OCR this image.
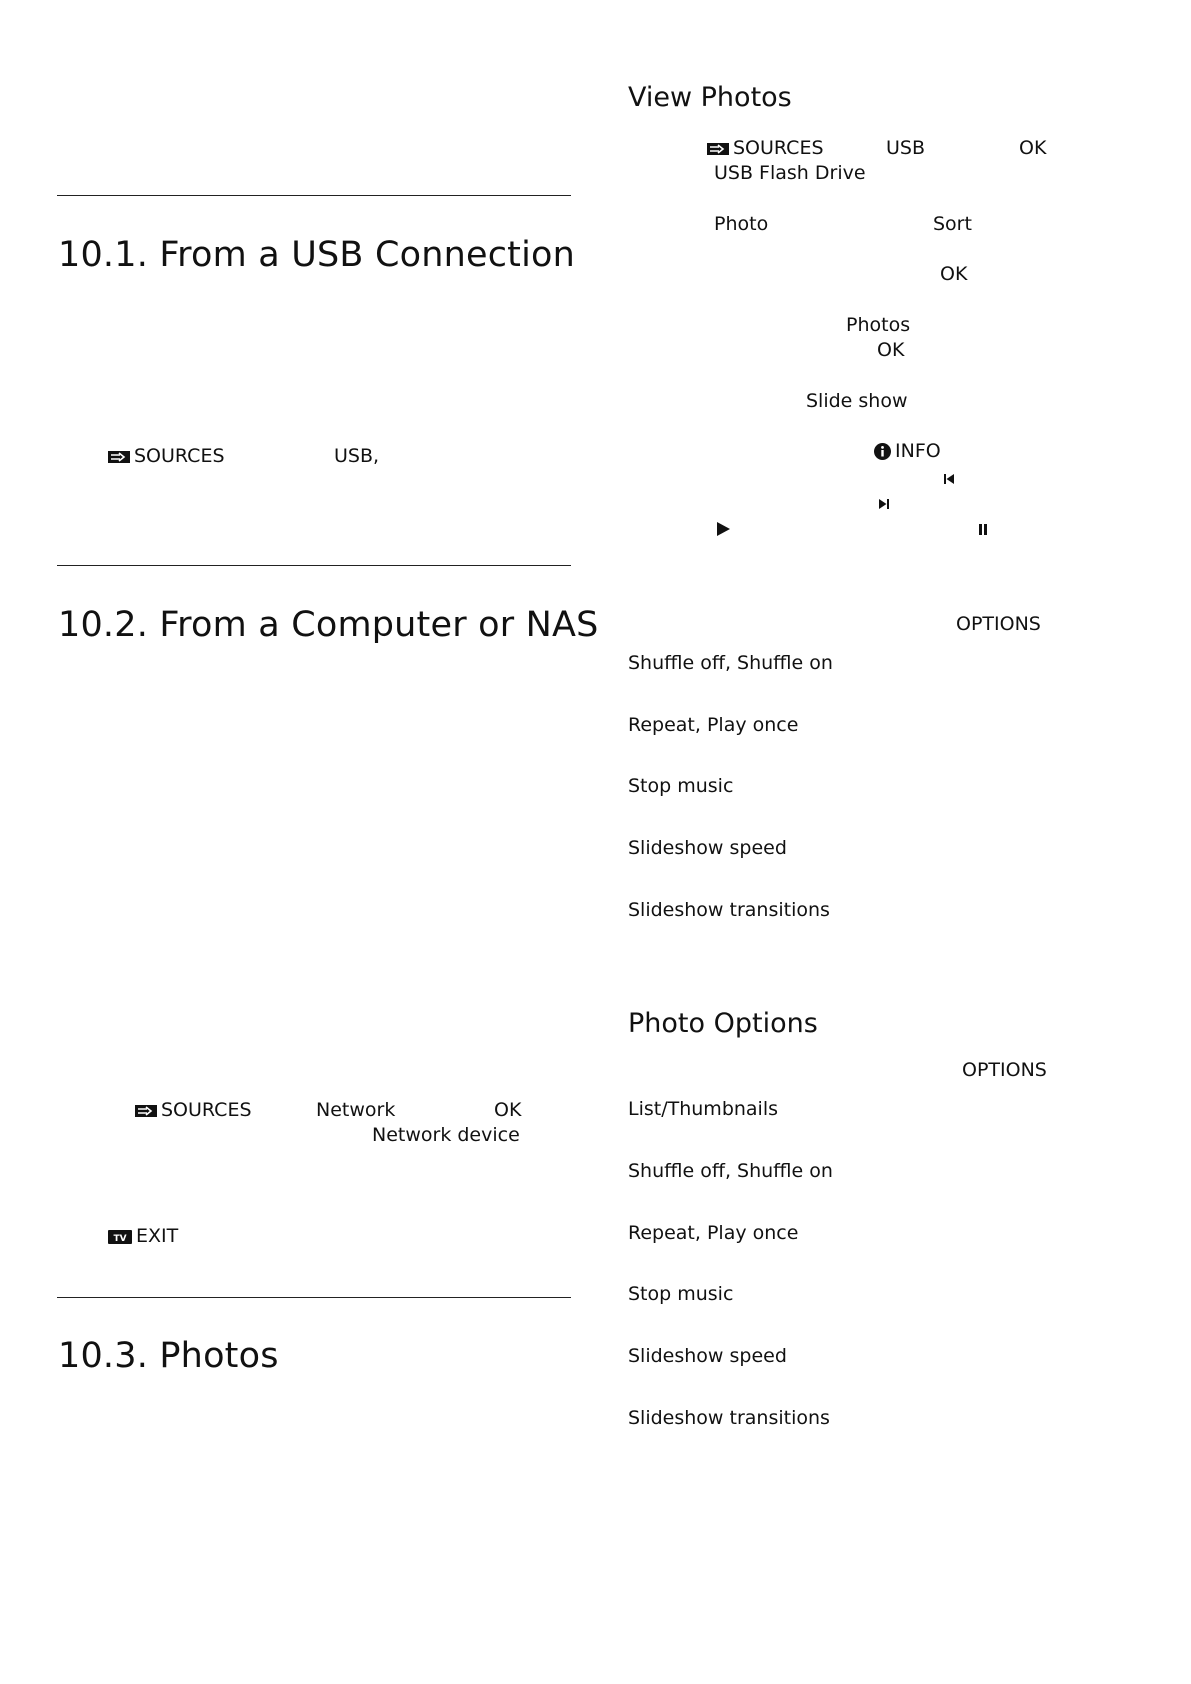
10.1. From a USB Connection
SOURCES	USB,
10.2. From a Computer or NAS
SOURCES	Network	OK
Network device
TV EXIT
10.3. Photos
View Photos
SOURCES	USB	OK
USB Flash Drive
Photo	Sort
OK
Photos
OK
Slide show
INFO
OPTIONS
Shuffle off, Shuffle on
Repeat, Play once
Stop music
Slideshow speed
Slideshow transitions
Photo Options
OPTIONS
List/Thumbnails
Shuffle off, Shuffle on
Repeat, Play once
Stop music
Slideshow speed
Slideshow transitions
